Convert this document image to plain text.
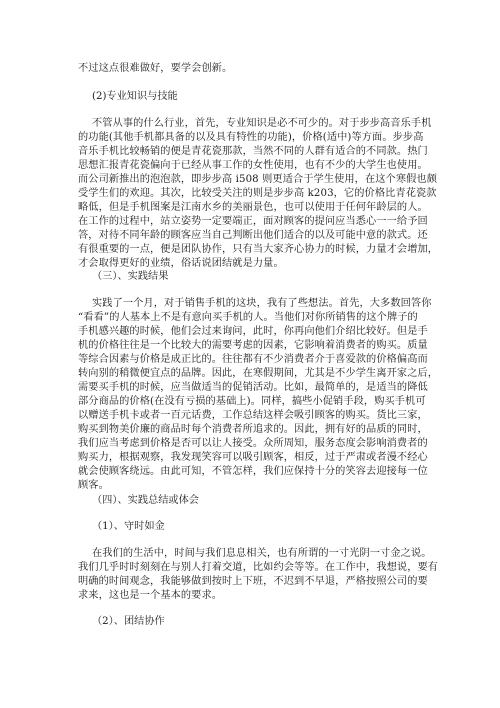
不过这点很难做好，要学会创新。
(2)专业知识与技能
不管从事的什么行业，首先，专业知识是必不可少的。对于步步高音乐手机
的功能(其他手机都具备的以及具有特性的功能)，价格(适中)等方面。步步高
音乐手机比较畅销的便是青花瓷那款，当然不同的人群有适合的不同款。热门
思想汇报青花瓷偏向于已经从事工作的女性使用，也有不少的大学生也使用。
而公司新推出的泡泡款，即步步高 i508 则更适合于学生使用，在这个寒假也颇
受学生们的欢迎。其次，比较受关注的则是步步高 k203，它的价格比青花瓷款
略低，但是手机图案是江南水乡的美丽景色，也可以使用于任何年龄层的人。
在工作的过程中，站立姿势一定要端正，面对顾客的提问应当悉心一一给予回
答，对待不同年龄的顾客应当自己判断出他们适合的以及可能中意的款式。还
有很重要的一点，便是团队协作，只有当大家齐心协力的时候，力量才会增加，
才会取得更好的业绩，俗话说团结就是力量。
（三）、实践结果
实践了一个月，对于销售手机的这块，我有了些想法。首先，大多数回答你
“看看”的人基本上不是有意向买手机的人。当他们对你所销售的这个牌子的
手机感兴趣的时候，他们会过来询问，此时，你再向他们介绍比较好。但是手
机的价格往往是一个比较大的需要考虑的因素，它影响着消费者的购买。质量
等综合因素与价格是成正比的。往往都有不少消费者介于喜爱款的价格偏高而
转向别的稍微便宜点的品牌。因此，在寒假期间，尤其是不少学生离开家之后，
需要买手机的时候，应当做适当的促销活动。比如，最简单的，是适当的降低
部分商品的价格(在没有亏损的基础上)。同样，搞些小促销手段，购买手机可
以赠送手机卡或者一百元话费，工作总结这样会吸引顾客的购买。货比三家，
购买到物美价廉的商品时每个消费者所追求的。因此，拥有好的品质的同时，
我们应当考虑到价格是否可以让人接受。众所周知，服务态度会影响消费者的
购买力，根据观察，我发现笑容可以吸引顾客，相反，过于严肃或者漫不经心
就会使顾客绕远。由此可知，不管怎样，我们应保持十分的笑容去迎接每一位
顾客。
（四）、实践总结或体会
（1）、守时如金
在我们的生活中，时间与我们息息相关，也有所谓的一寸光阴一寸金之说。
我们几乎时时刻刻在与别人打着交道，比如约会等等。在工作中，我想说，要有
明确的时间观念，我能够做到按时上下班，不迟到不早退，严格按照公司的要
求来，这也是一个基本的要求。
（2）、团结协作
